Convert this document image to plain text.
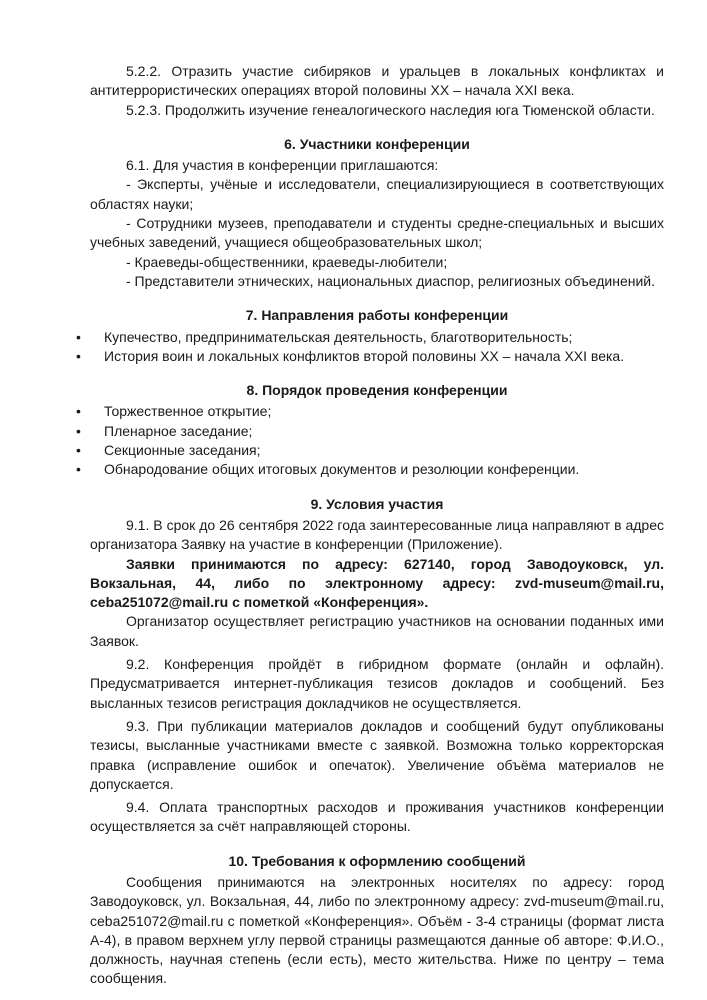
5.2.2. Отразить участие сибиряков и уральцев в локальных конфликтах и антитеррористических операциях второй половины XX – начала XXI века.

5.2.3. Продолжить изучение генеалогического наследия юга Тюменской области.

6. Участники конференции

6.1. Для участия в конференции приглашаются:

- Эксперты, учёные и исследователи, специализирующиеся в соответствующих областях науки;

- Сотрудники музеев, преподаватели и студенты средне-специальных и высших учебных заведений, учащиеся общеобразовательных школ;

- Краеведы-общественники, краеведы-любители;

- Представители этнических, национальных диаспор, религиозных объединений.

7. Направления работы конференции

• Купечество, предпринимательская деятельность, благотворительность;
• История воин и локальных конфликтов второй половины XX – начала XXI века.

8. Порядок проведения конференции

• Торжественное открытие;
• Пленарное заседание;
• Секционные заседания;
• Обнародование общих итоговых документов и резолюции конференции.

9. Условия участия

9.1. В срок до 26 сентября 2022 года заинтересованные лица направляют в адрес организатора Заявку на участие в конференции (Приложение).

Заявки принимаются по адресу: 627140, город Заводоуковск, ул. Вокзальная, 44, либо по электронному адресу: zvd-museum@mail.ru, ceba251072@mail.ru с пометкой «Конференция».

Организатор осуществляет регистрацию участников на основании поданных ими Заявок.

9.2. Конференция пройдёт в гибридном формате (онлайн и офлайн). Предусматривается интернет-публикация тезисов докладов и сообщений. Без высланных тезисов регистрация докладчиков не осуществляется.

9.3. При публикации материалов докладов и сообщений будут опубликованы тезисы, высланные участниками вместе с заявкой. Возможна только корректорская правка (исправление ошибок и опечаток). Увеличение объёма материалов не допускается.

9.4. Оплата транспортных расходов и проживания участников конференции осуществляется за счёт направляющей стороны.

10. Требования к оформлению сообщений

Сообщения принимаются на электронных носителях по адресу: город Заводоуковск, ул. Вокзальная, 44, либо по электронному адресу: zvd-museum@mail.ru, ceba251072@mail.ru с пометкой «Конференция». Объём - 3-4 страницы (формат листа А-4), в правом верхнем углу первой страницы размещаются данные об авторе: Ф.И.О., должность, научная степень (если есть), место жительства. Ниже по центру – тема сообщения.
